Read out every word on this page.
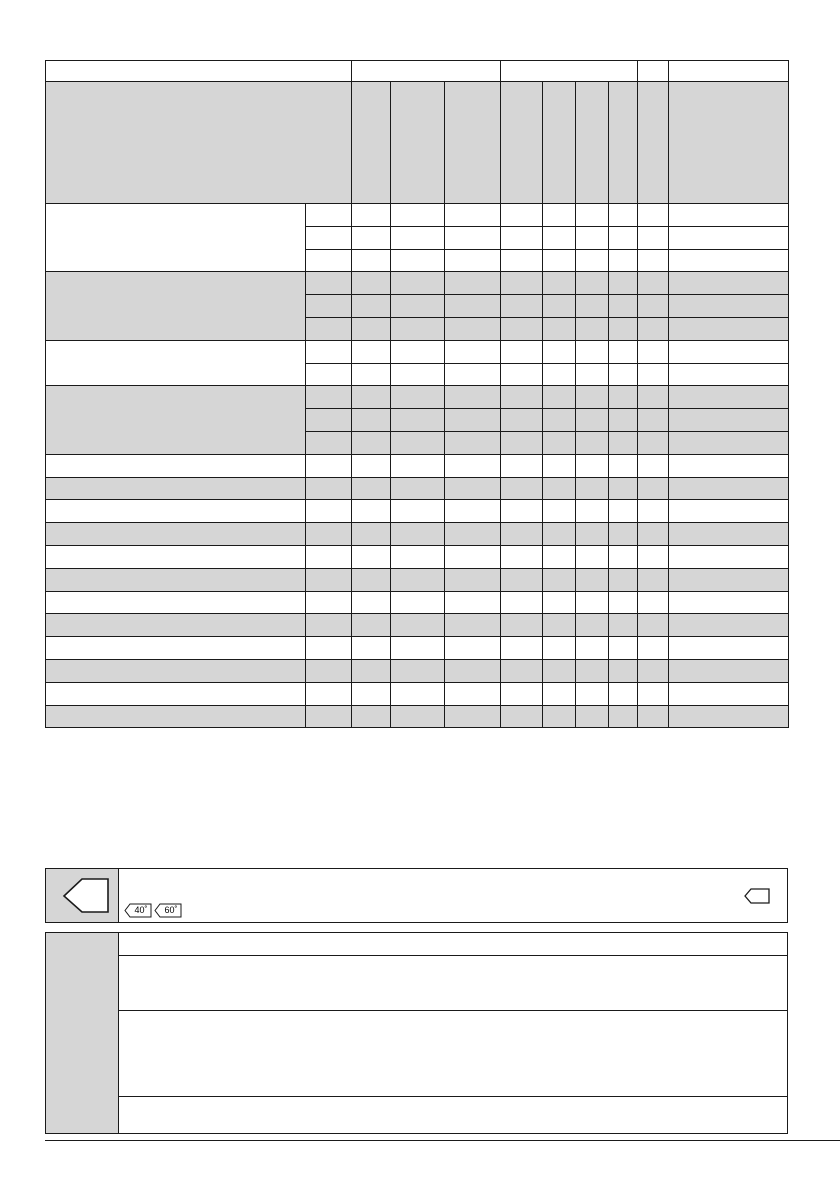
40˚	60˚
